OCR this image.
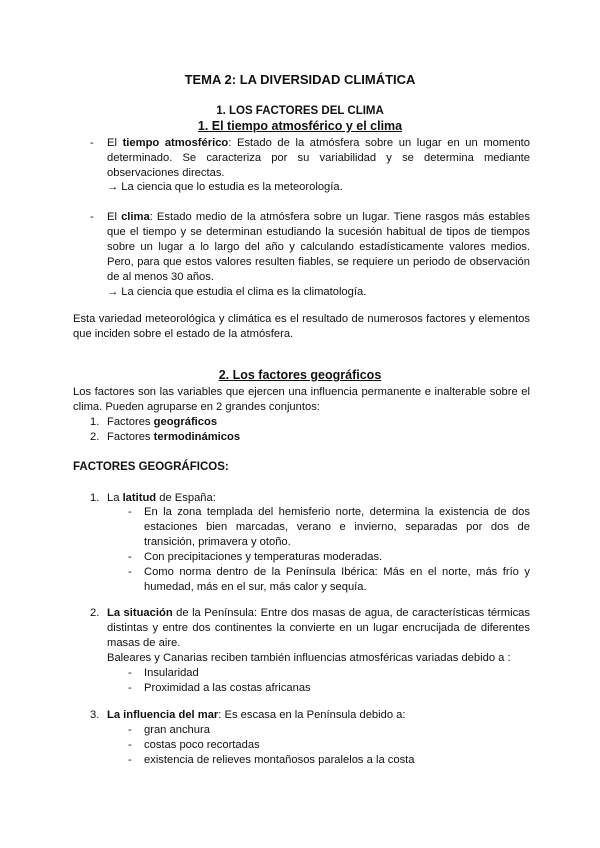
TEMA 2: LA DIVERSIDAD CLIMÁTICA
1. LOS FACTORES DEL CLIMA
1. El tiempo atmosférico y el clima
- El tiempo atmosférico: Estado de la atmósfera sobre un lugar en un momento
determinado. Se caracteriza por su variabilidad y se determina mediante
observaciones directas.
→ La ciencia que lo estudia es la meteorología.
- El clima: Estado medio de la atmósfera sobre un lugar. Tiene rasgos más estables
que el tiempo y se determinan estudiando la sucesión habitual de tipos de tiempos
sobre un lugar a lo largo del año y calculando estadísticamente valores medios.
Pero, para que estos valores resulten fiables, se requiere un periodo de observación
de al menos 30 años.
→ La ciencia que estudia el clima es la climatología.
Esta variedad meteorológica y climática es el resultado de numerosos factores y elementos
que inciden sobre el estado de la atmósfera.
2. Los factores geográficos
Los factores son las variables que ejercen una influencia permanente e inalterable sobre el
clima. Pueden agruparse en 2 grandes conjuntos:
1. Factores geográficos
2. Factores termodinámicos
FACTORES GEOGRÁFICOS:
1. La latitud de España:
- En la zona templada del hemisferio norte, determina la existencia de dos
estaciones bien marcadas, verano e invierno, separadas por dos de
transición, primavera y otoño.
- Con precipitaciones y temperaturas moderadas.
- Como norma dentro de la Península Ibérica: Más en el norte, más frío y
humedad, más en el sur, más calor y sequía.
2. La situación de la Península: Entre dos masas de agua, de características térmicas
distintas y entre dos continentes la convierte en un lugar encrucijada de diferentes
masas de aire.
Baleares y Canarias reciben también influencias atmosféricas variadas debido a :
- Insularidad
- Proximidad a las costas africanas
3. La influencia del mar: Es escasa en la Península debido a:
- gran anchura
- costas poco recortadas
- existencia de relieves montañosos paralelos a la costa
